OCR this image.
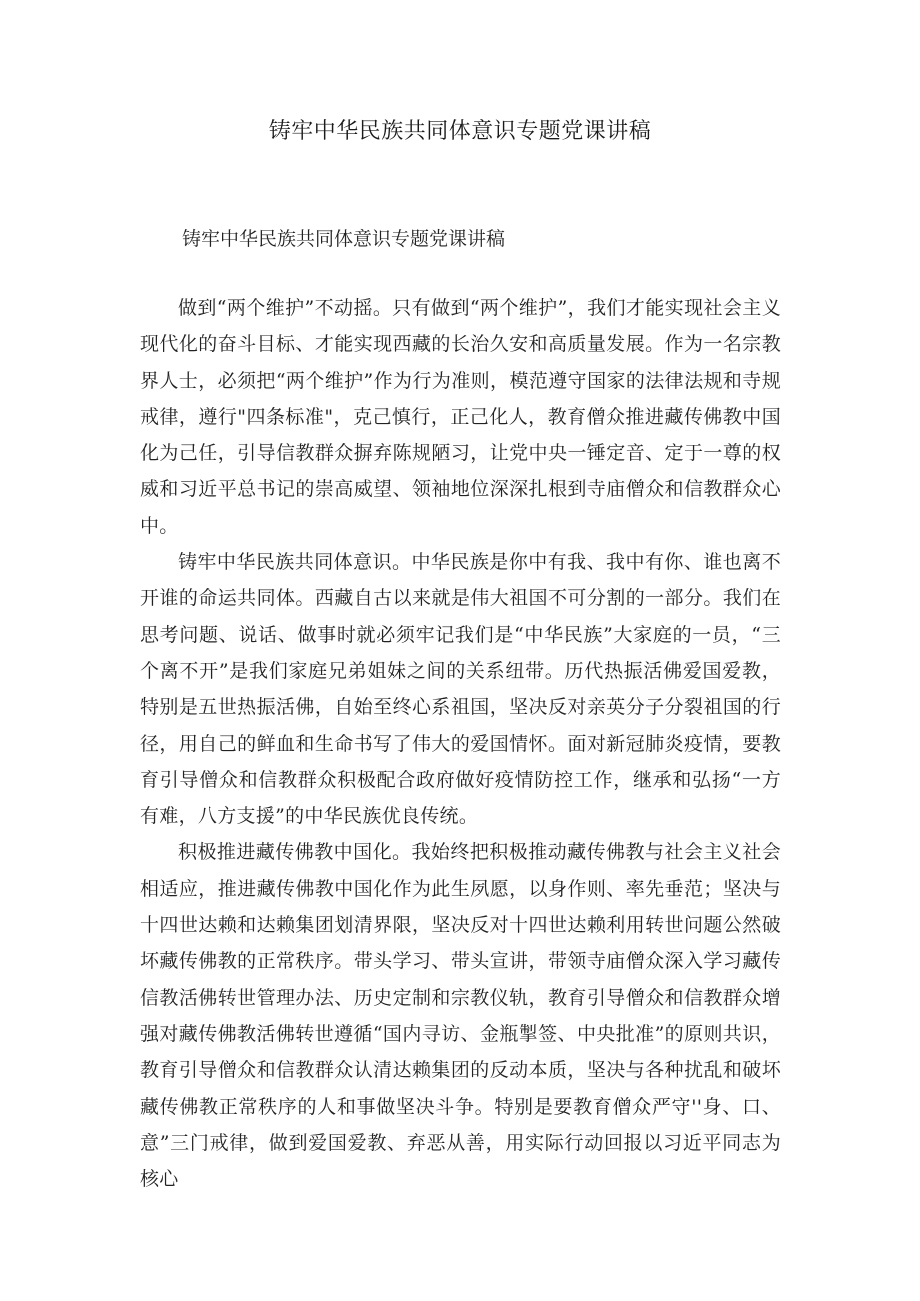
铸牢中华民族共同体意识专题党课讲稿

铸牢中华民族共同体意识专题党课讲稿

做到“两个维护”不动摇。只有做到“两个维护”，我们才能实现社会主义现代化的奋斗目标、才能实现西藏的长治久安和高质量发展。作为一名宗教界人士，必须把“两个维护”作为行为准则，模范遵守国家的法律法规和寺规戒律，遵行"四条标准"，克己慎行，正己化人，教育僧众推进藏传佛教中国化为己任，引导信教群众摒弃陈规陋习，让党中央一锤定音、定于一尊的权威和习近平总书记的崇高威望、领袖地位深深扎根到寺庙僧众和信教群众心中。

铸牢中华民族共同体意识。中华民族是你中有我、我中有你、谁也离不开谁的命运共同体。西藏自古以来就是伟大祖国不可分割的一部分。我们在思考问题、说话、做事时就必须牢记我们是“中华民族”大家庭的一员，“三个离不开”是我们家庭兄弟姐妹之间的关系纽带。历代热振活佛爱国爱教，特别是五世热振活佛，自始至终心系祖国，坚决反对亲英分子分裂祖国的行径，用自己的鲜血和生命书写了伟大的爱国情怀。面对新冠肺炎疫情，要教育引导僧众和信教群众积极配合政府做好疫情防控工作，继承和弘扬“一方有难，八方支援”的中华民族优良传统。

积极推进藏传佛教中国化。我始终把积极推动藏传佛教与社会主义社会相适应，推进藏传佛教中国化作为此生夙愿，以身作则、率先垂范；坚决与十四世达赖和达赖集团划清界限，坚决反对十四世达赖利用转世问题公然破坏藏传佛教的正常秩序。带头学习、带头宣讲，带领寺庙僧众深入学习藏传信教活佛转世管理办法、历史定制和宗教仪轨，教育引导僧众和信教群众增强对藏传佛教活佛转世遵循“国内寻访、金瓶掣签、中央批准”的原则共识，教育引导僧众和信教群众认清达赖集团的反动本质，坚决与各种扰乱和破坏藏传佛教正常秩序的人和事做坚决斗争。特别是要教育僧众严守''身、口、意”三门戒律，做到爱国爱教、弃恶从善，用实际行动回报以习近平同志为核心
